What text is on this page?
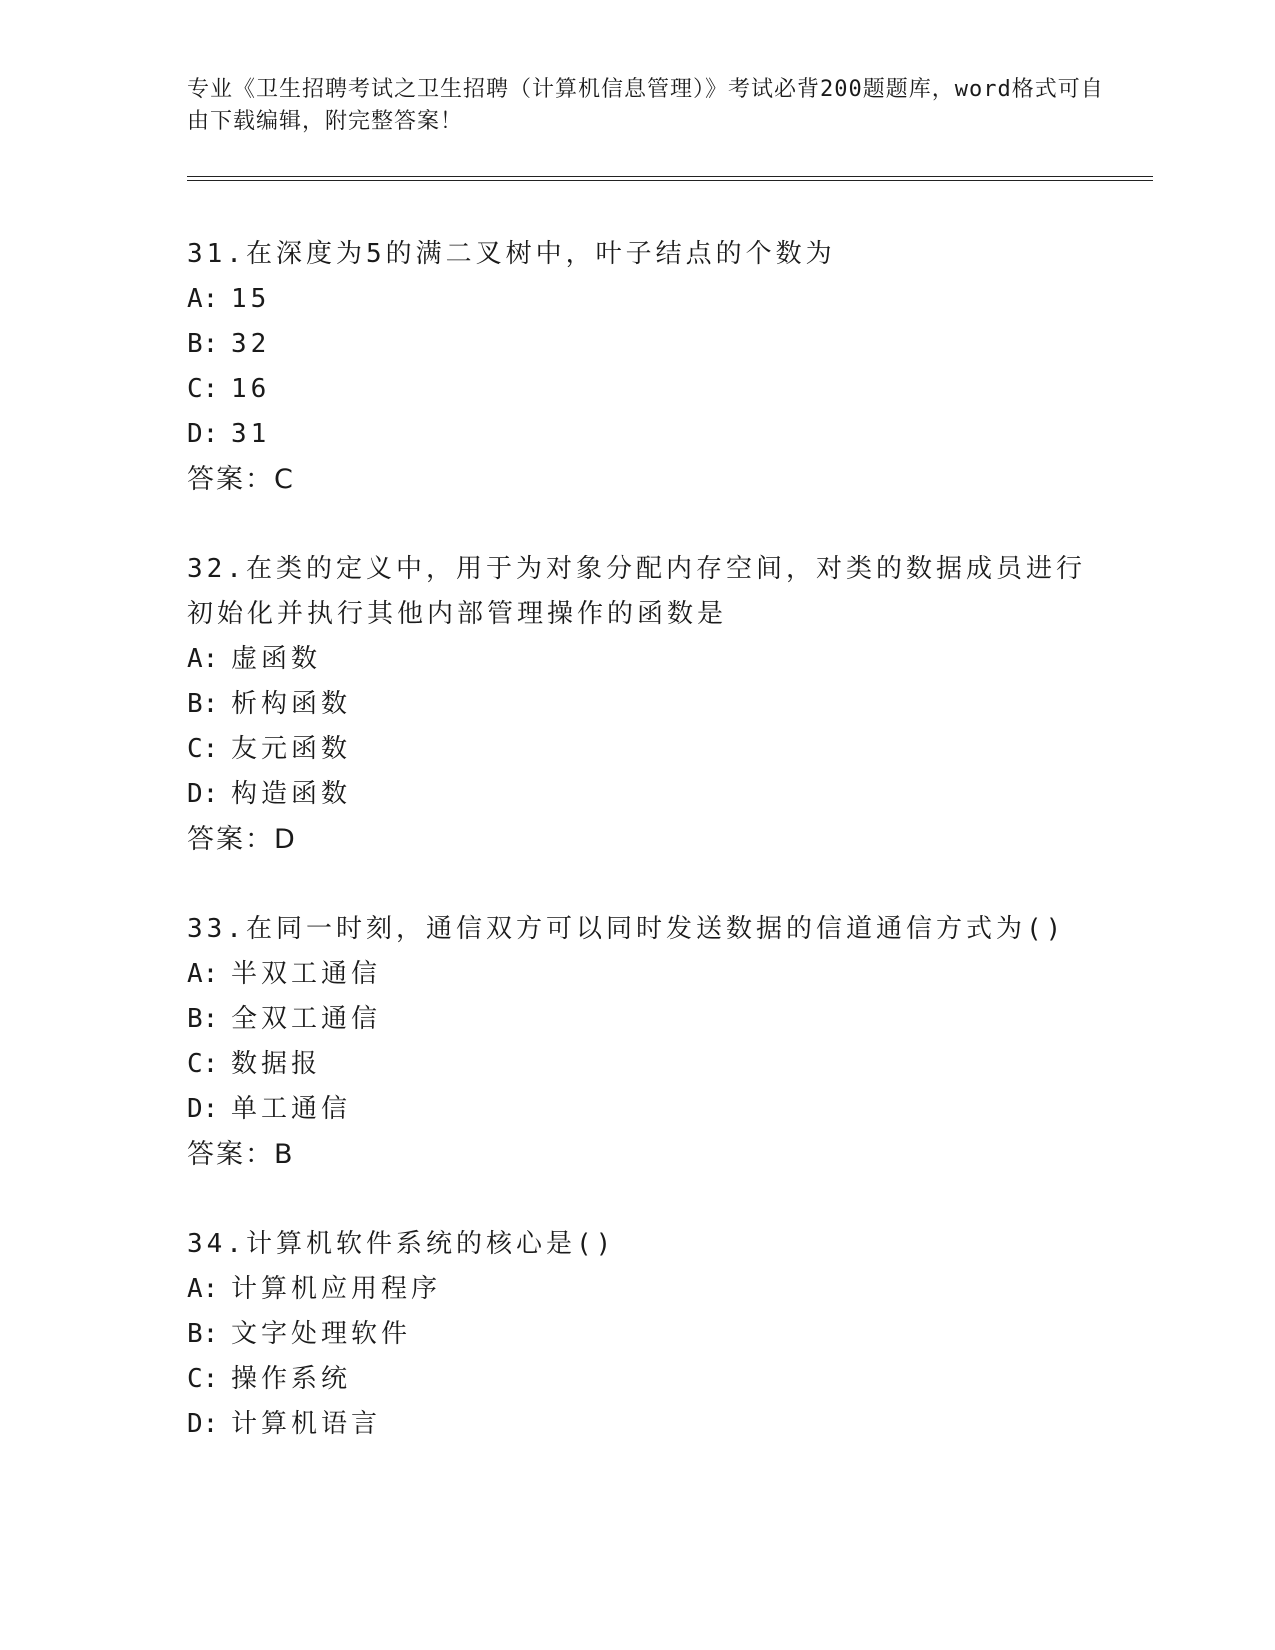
专业《卫生招聘考试之卫生招聘（计算机信息管理）》考试必背200题题库，word格式可自由下载编辑，附完整答案！
31.在深度为5的满二叉树中，叶子结点的个数为
A: 15
B: 32
C: 16
D: 31
答案：C
32.在类的定义中，用于为对象分配内存空间，对类的数据成员进行初始化并执行其他内部管理操作的函数是
A: 虚函数
B: 析构函数
C: 友元函数
D: 构造函数
答案：D
33.在同一时刻，通信双方可以同时发送数据的信道通信方式为()
A: 半双工通信
B: 全双工通信
C: 数据报
D: 单工通信
答案：B
34.计算机软件系统的核心是()
A: 计算机应用程序
B: 文字处理软件
C: 操作系统
D: 计算机语言
